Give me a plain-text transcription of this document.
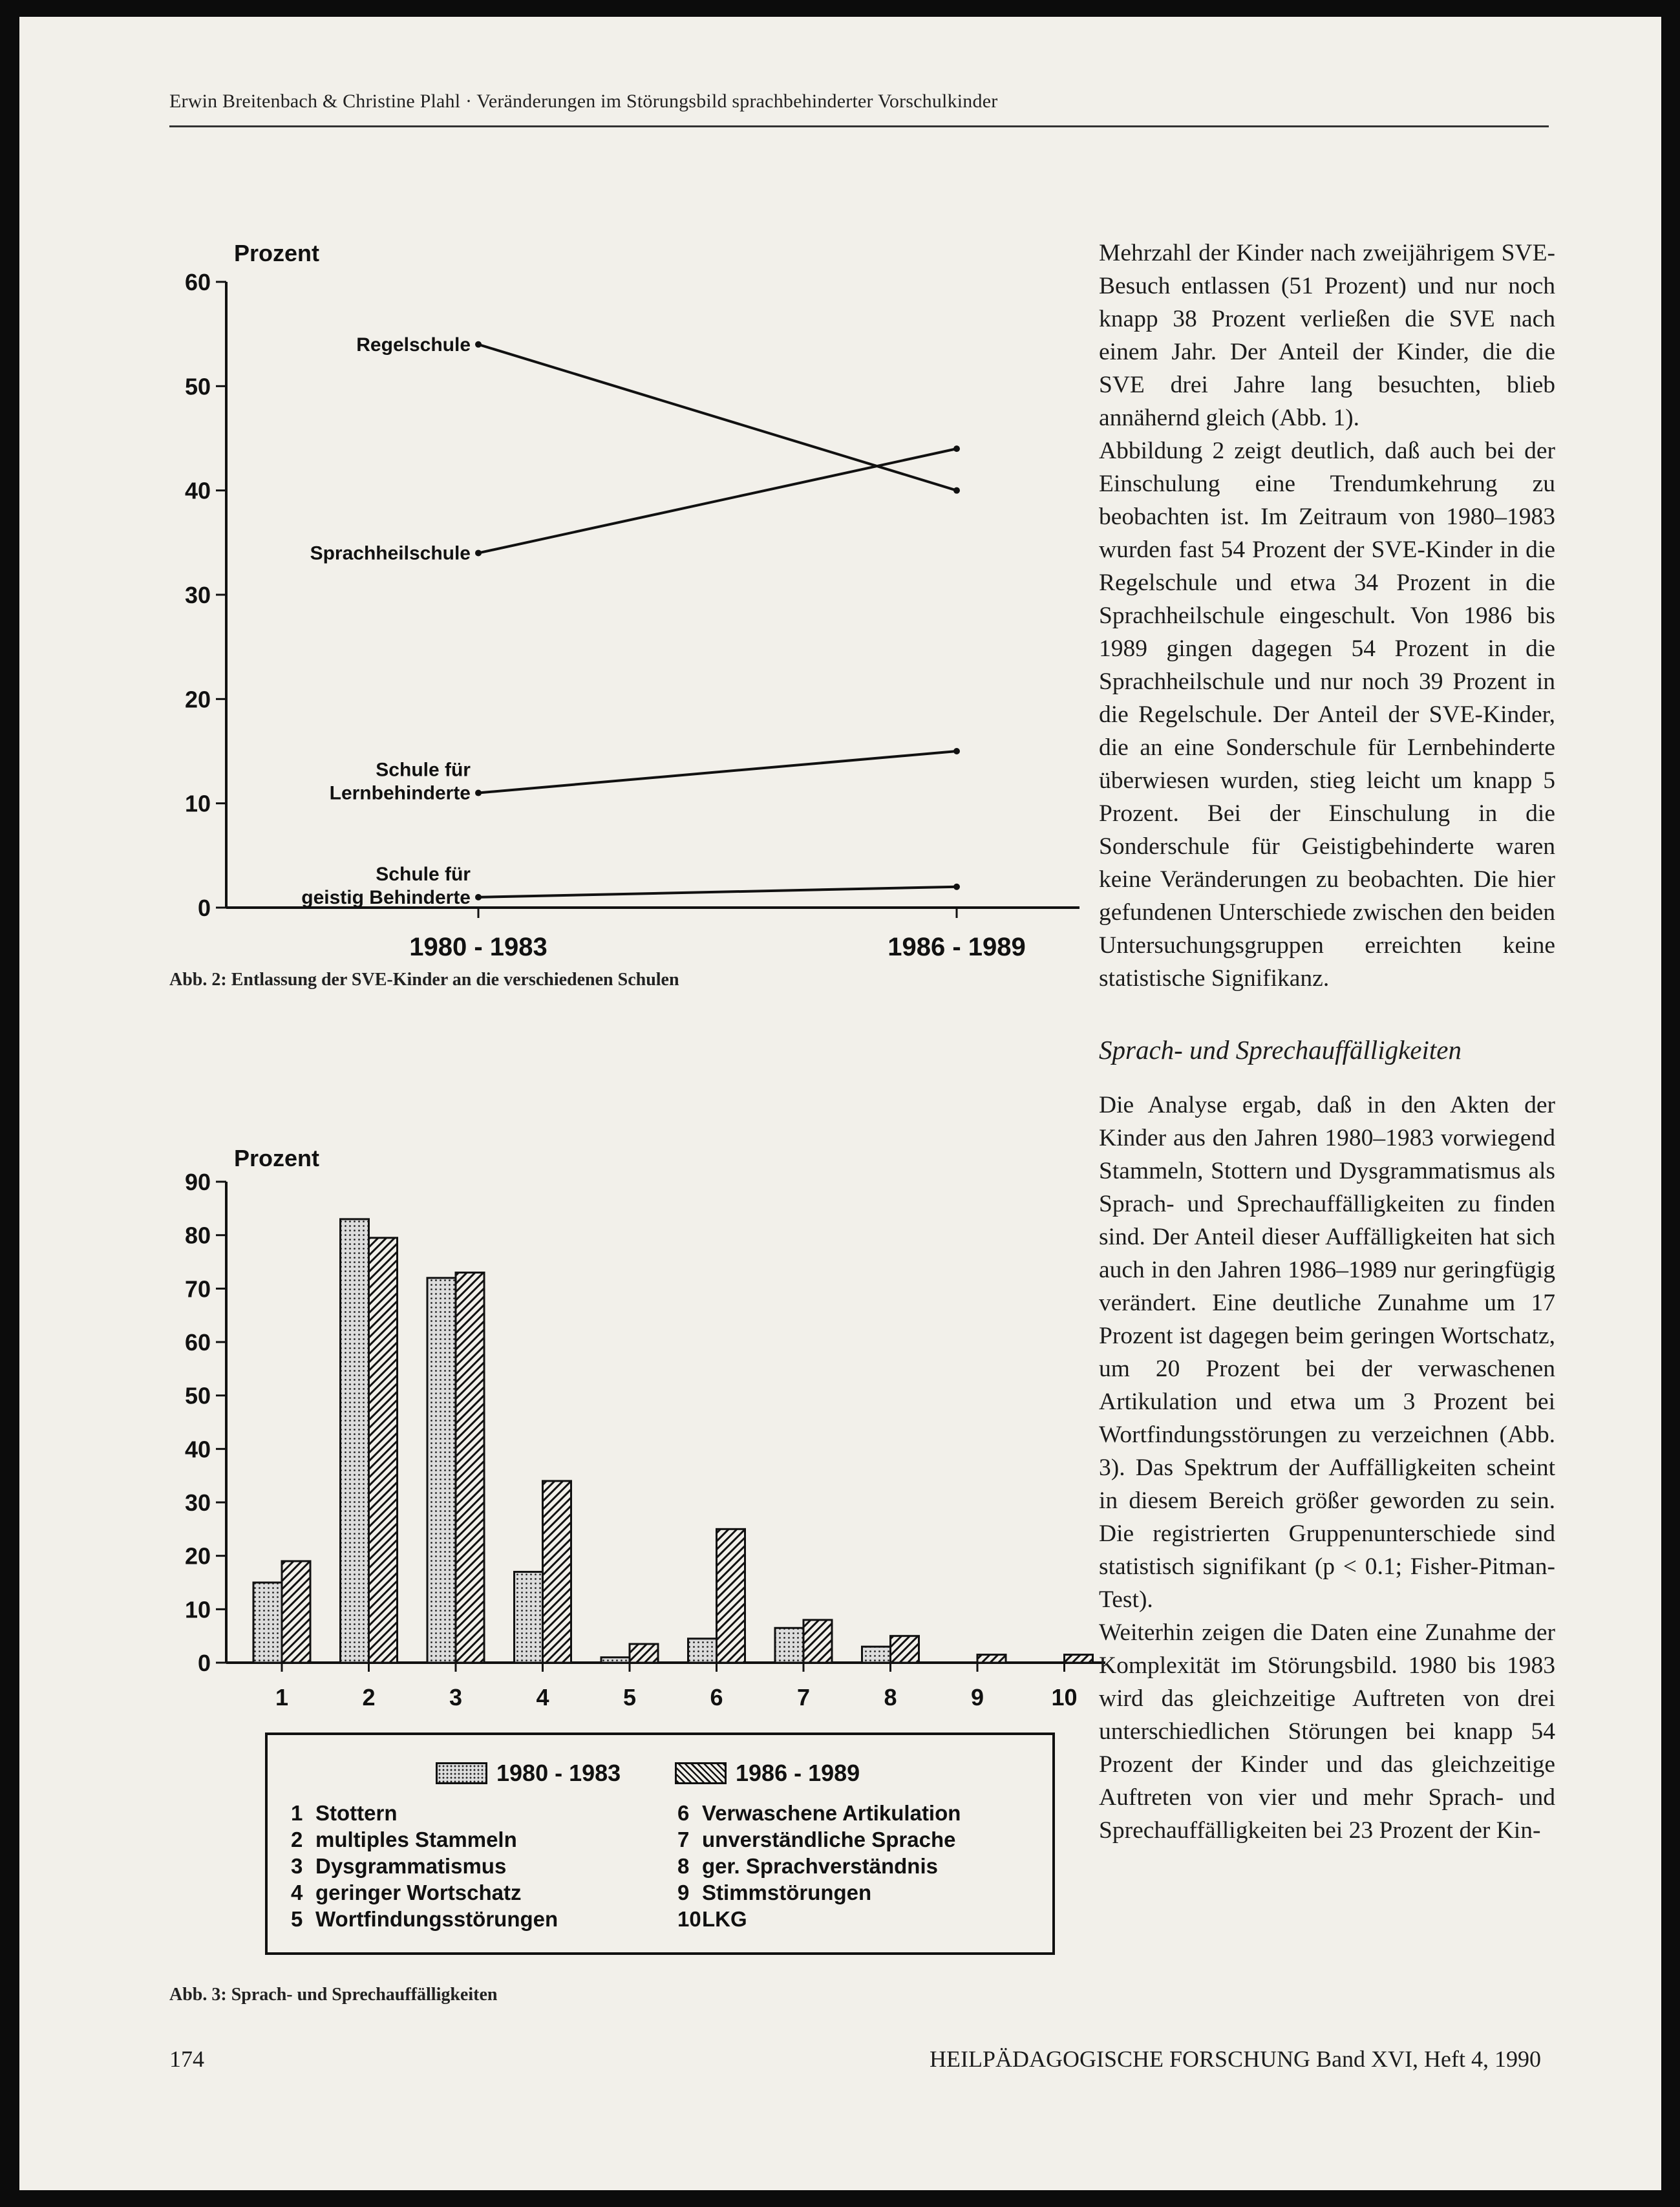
Erwin Breitenbach & Christine Plahl · Veränderungen im Störungsbild sprachbehinderter Vorschulkinder
0
10
20
30
40
50
60
1980 - 1983	1986 - 1989
Regelschule
Sprachheilschule
Schule für
Lernbehinderte
Schule für
geistig Behinderte
Prozent
Abb. 2: Entlassung der SVE-Kinder an die verschiedenen Schulen
0
10
20
30
40
50
60
70
80
90
1	2	3	4	5	6	7	8	9	10
Prozent
1980 - 1983	1986 - 1989
1 Stottern
2 multiples Stammeln
3 Dysgrammatismus
4 geringer Wortschatz
5 Wortfindungsstörungen
6 Verwaschene Artikulation
7 unverständliche Sprache
8 ger. Sprachverständnis
9 Stimmstörungen
10LKG
Abb. 3: Sprach- und Sprechauffälligkeiten

Mehrzahl der Kinder nach zweijährigem SVE-Besuch entlassen (51 Prozent) und nur noch knapp 38 Prozent verließen die SVE nach einem Jahr. Der Anteil der Kinder, die die SVE drei Jahre lang besuchten, blieb annähernd gleich (Abb. 1).

Abbildung 2 zeigt deutlich, daß auch bei der Einschulung eine Trendumkehrung zu beobachten ist. Im Zeitraum von 1980–1983 wurden fast 54 Prozent der SVE-Kinder in die Regelschule und etwa 34 Prozent in die Sprachheilschule eingeschult. Von 1986 bis 1989 gingen dagegen 54 Prozent in die Sprachheilschule und nur noch 39 Prozent in die Regelschule. Der Anteil der SVE-Kinder, die an eine Sonderschule für Lernbehinderte überwiesen wurden, stieg leicht um knapp 5 Prozent. Bei der Einschulung in die Sonderschule für Geistigbehinderte waren keine Veränderungen zu beobachten. Die hier gefundenen Unterschiede zwischen den beiden Untersuchungsgruppen erreichten keine statistische Signifikanz.

Sprach- und Sprechauffälligkeiten

Die Analyse ergab, daß in den Akten der Kinder aus den Jahren 1980–1983 vorwiegend Stammeln, Stottern und Dysgrammatismus als Sprach- und Sprechauffälligkeiten zu finden sind. Der Anteil dieser Auffälligkeiten hat sich auch in den Jahren 1986–1989 nur geringfügig verändert. Eine deutliche Zunahme um 17 Prozent ist dagegen beim geringen Wortschatz, um 20 Prozent bei der verwaschenen Artikulation und etwa um 3 Prozent bei Wortfindungsstörungen zu verzeichnen (Abb. 3). Das Spektrum der Auffälligkeiten scheint in diesem Bereich größer geworden zu sein. Die registrierten Gruppenunterschiede sind statistisch signifikant (p < 0.1; Fisher-Pitman-Test).

Weiterhin zeigen die Daten eine Zunahme der Komplexität im Störungsbild. 1980 bis 1983 wird das gleichzeitige Auftreten von drei unterschiedlichen Störungen bei knapp 54 Prozent der Kinder und das gleichzeitige Auftreten von vier und mehr Sprach- und Sprechauffälligkeiten bei 23 Prozent der Kin-

174	HEILPÄDAGOGISCHE FORSCHUNG Band XVI, Heft 4, 1990
